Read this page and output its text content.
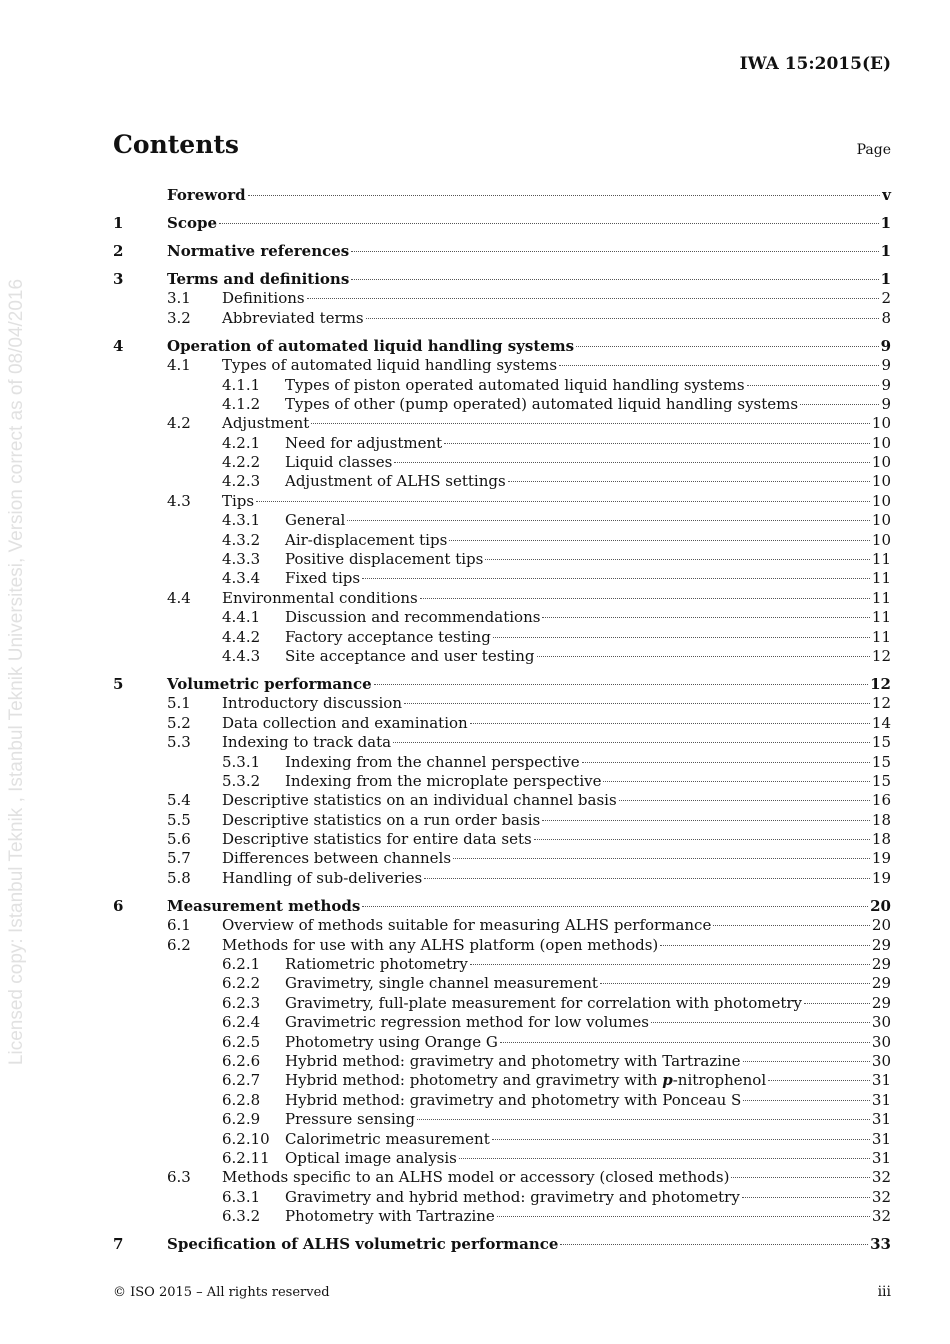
Licensed copy: Istanbul Teknik , Istanbul Teknik Universitesi, Version correct as of 08/04/2016
IWA 15:2015(E)
Contents	Page
Foreword	v
1	Scope	1
2	Normative references	1
3	Terms and definitions	1
3.1	Definitions	2
3.2	Abbreviated terms	8
4	Operation of automated liquid handling systems	9
4.1	Types of automated liquid handling systems	9
4.1.1	Types of piston operated automated liquid handling systems	9
4.1.2	Types of other (pump operated) automated liquid handling systems	9
4.2	Adjustment	10
4.2.1	Need for adjustment	10
4.2.2	Liquid classes	10
4.2.3	Adjustment of ALHS settings	10
4.3	Tips	10
4.3.1	General	10
4.3.2	Air-displacement tips	10
4.3.3	Positive displacement tips	11
4.3.4	Fixed tips	11
4.4	Environmental conditions	11
4.4.1	Discussion and recommendations	11
4.4.2	Factory acceptance testing	11
4.4.3	Site acceptance and user testing	12
5	Volumetric performance	12
5.1	Introductory discussion	12
5.2	Data collection and examination	14
5.3	Indexing to track data	15
5.3.1	Indexing from the channel perspective	15
5.3.2	Indexing from the microplate perspective	15
5.4	Descriptive statistics on an individual channel basis	16
5.5	Descriptive statistics on a run order basis	18
5.6	Descriptive statistics for entire data sets	18
5.7	Differences between channels	19
5.8	Handling of sub-deliveries	19
6	Measurement methods	20
6.1	Overview of methods suitable for measuring ALHS performance	20
6.2	Methods for use with any ALHS platform (open methods)	29
6.2.1	Ratiometric photometry	29
6.2.2	Gravimetry, single channel measurement	29
6.2.3	Gravimetry, full-plate measurement for correlation with photometry	29
6.2.4	Gravimetric regression method for low volumes	30
6.2.5	Photometry using Orange G	30
6.2.6	Hybrid method: gravimetry and photometry with Tartrazine	30
6.2.7	Hybrid method: photometry and gravimetry with p-nitrophenol	31
6.2.8	Hybrid method: gravimetry and photometry with Ponceau S	31
6.2.9	Pressure sensing	31
6.2.10	Calorimetric measurement	31
6.2.11	Optical image analysis	31
6.3	Methods specific to an ALHS model or accessory (closed methods)	32
6.3.1	Gravimetry and hybrid method: gravimetry and photometry	32
6.3.2	Photometry with Tartrazine	32
7	Specification of ALHS volumetric performance	33
© ISO 2015 – All rights reserved	iii
